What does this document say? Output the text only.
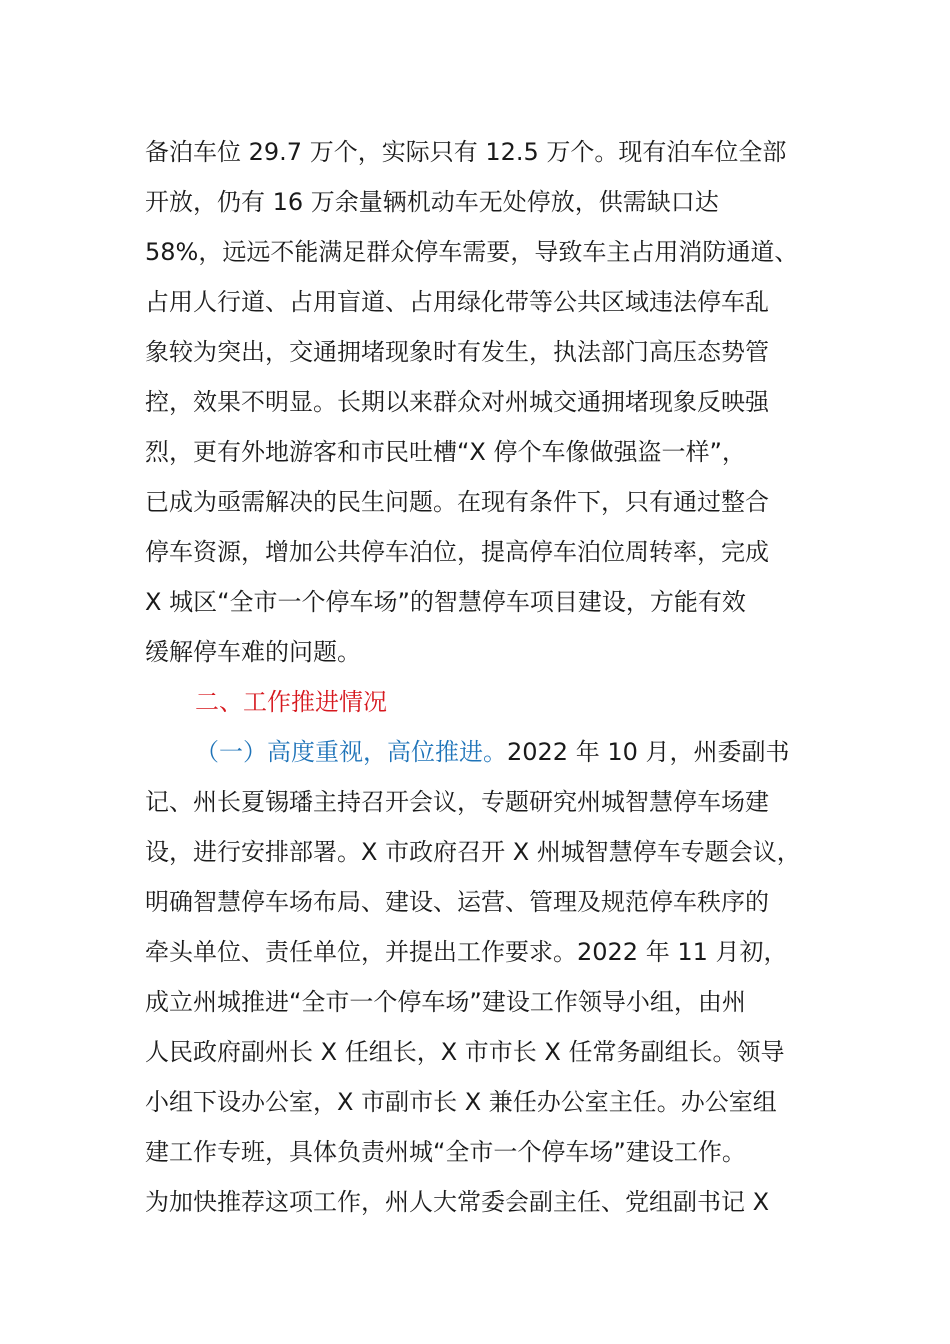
备泊车位 29.7 万个，实际只有 12.5 万个。现有泊车位全部
开放，仍有 16 万余量辆机动车无处停放，供需缺口达
58%，远远不能满足群众停车需要，导致车主占用消防通道、
占用人行道、占用盲道、占用绿化带等公共区域违法停车乱
象较为突出，交通拥堵现象时有发生，执法部门高压态势管
控，效果不明显。长期以来群众对州城交通拥堵现象反映强
烈，更有外地游客和市民吐槽“X 停个车像做强盗一样”，
已成为亟需解决的民生问题。在现有条件下，只有通过整合
停车资源，增加公共停车泊位，提高停车泊位周转率，完成
X 城区“全市一个停车场”的智慧停车项目建设，方能有效
缓解停车难的问题。
二、工作推进情况
（一）高度重视，高位推进。2022 年 10 月，州委副书
记、州长夏锡璠主持召开会议，专题研究州城智慧停车场建
设，进行安排部署。X 市政府召开 X 州城智慧停车专题会议，
明确智慧停车场布局、建设、运营、管理及规范停车秩序的
牵头单位、责任单位，并提出工作要求。2022 年 11 月初，
成立州城推进“全市一个停车场”建设工作领导小组，由州
人民政府副州长 X 任组长，X 市市长 X 任常务副组长。领导
小组下设办公室，X 市副市长 X 兼任办公室主任。办公室组
建工作专班，具体负责州城“全市一个停车场”建设工作。
为加快推荐这项工作，州人大常委会副主任、党组副书记 X
